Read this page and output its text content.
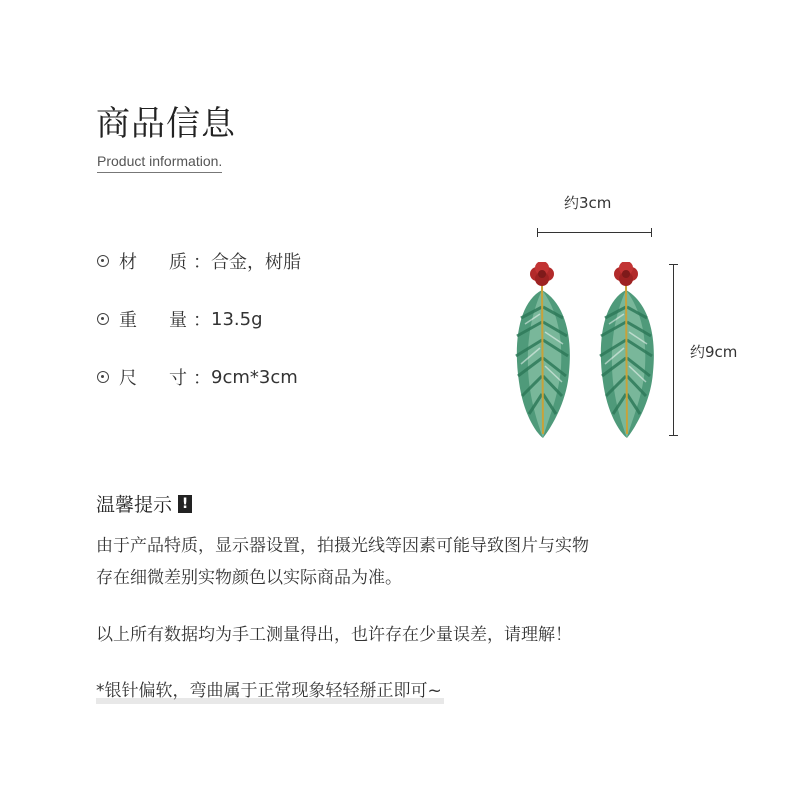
商品信息
Product information.
材 质 ： 合金，树脂
重 量 ： 13.5g
尺 寸 ： 9cm*3cm
约3cm
约9cm
温馨提示 !
由于产品特质，显示器设置，拍摄光线等因素可能导致图片与实物
存在细微差别实物颜色以实际商品为准。
以上所有数据均为手工测量得出，也许存在少量误差，请理解！
*银针偏软，弯曲属于正常现象轻轻掰正即可~
